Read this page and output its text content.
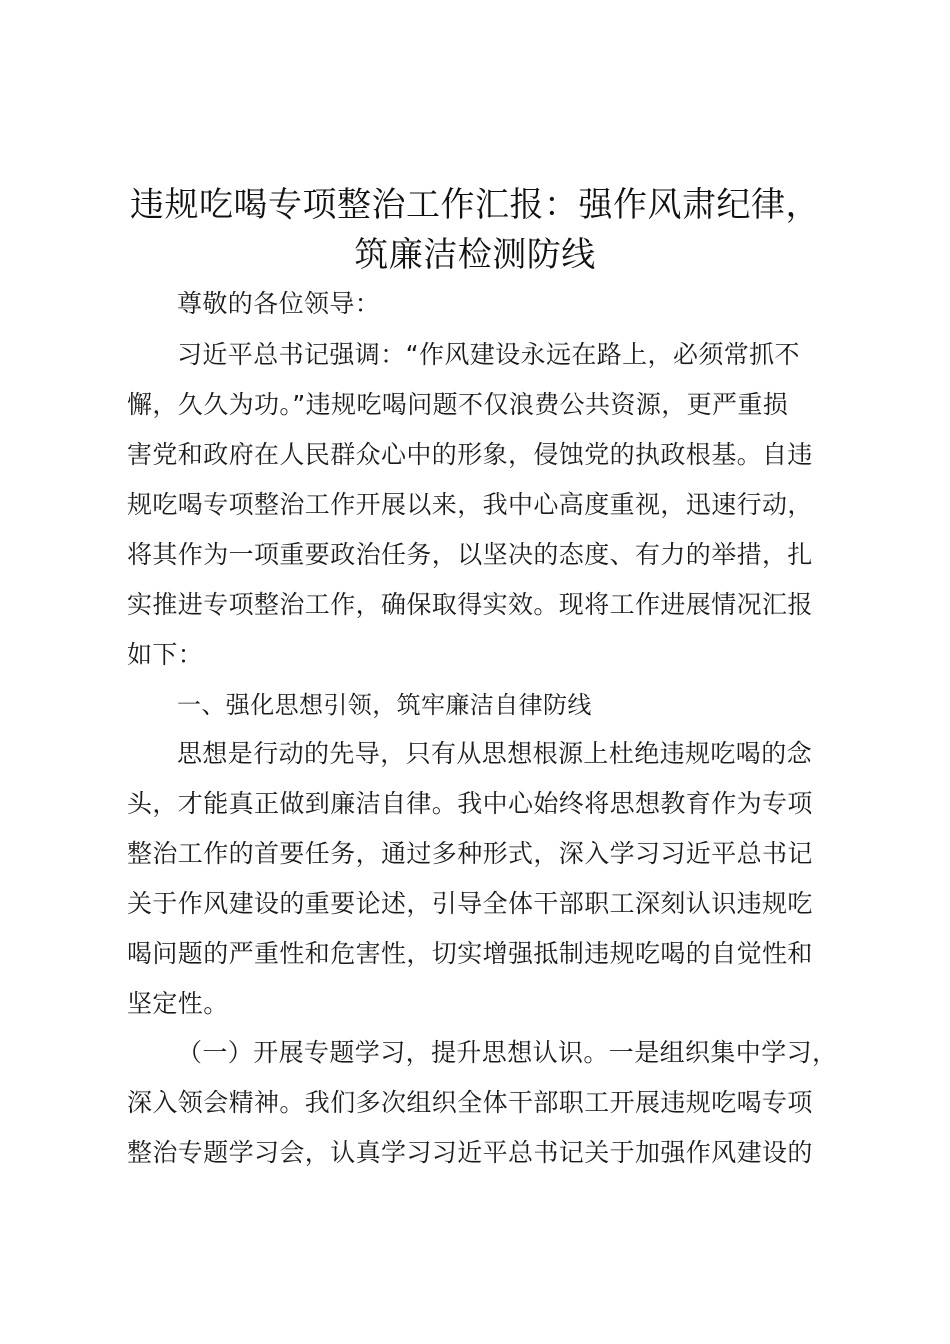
违规吃喝专项整治工作汇报：强作风肃纪律，
筑廉洁检测防线
尊敬的各位领导：
习近平总书记强调：“作风建设永远在路上，必须常抓不
懈，久久为功。”违规吃喝问题不仅浪费公共资源，更严重损
害党和政府在人民群众心中的形象，侵蚀党的执政根基。自违
规吃喝专项整治工作开展以来，我中心高度重视，迅速行动，
将其作为一项重要政治任务，以坚决的态度、有力的举措，扎
实推进专项整治工作，确保取得实效。现将工作进展情况汇报
如下：
一、强化思想引领，筑牢廉洁自律防线
思想是行动的先导，只有从思想根源上杜绝违规吃喝的念
头，才能真正做到廉洁自律。我中心始终将思想教育作为专项
整治工作的首要任务，通过多种形式，深入学习习近平总书记
关于作风建设的重要论述，引导全体干部职工深刻认识违规吃
喝问题的严重性和危害性，切实增强抵制违规吃喝的自觉性和
坚定性。
（一）开展专题学习，提升思想认识。一是组织集中学习，
深入领会精神。我们多次组织全体干部职工开展违规吃喝专项
整治专题学习会，认真学习习近平总书记关于加强作风建设的
